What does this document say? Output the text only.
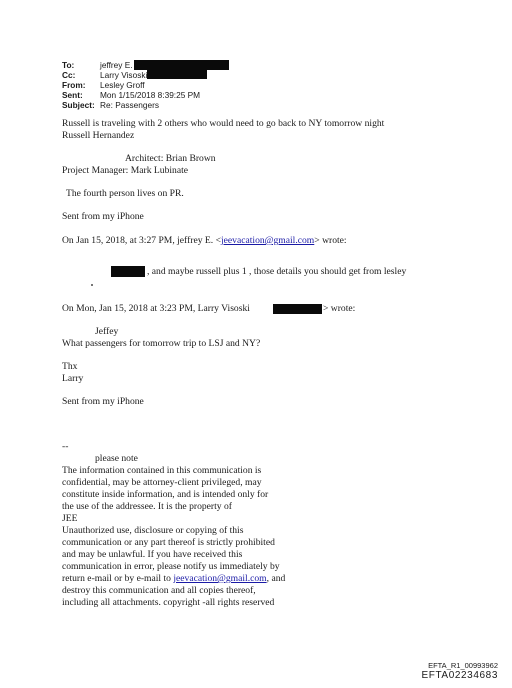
To:	jeffrey E.
Cc:	Larry Visoski
From: Lesley Groff
Sent: Mon 1/15/2018 8:39:25 PM
Subject: Re: Passengers
Russell is traveling with 2 others who would need to go back to NY tomorrow night
Russell Hernandez
Architect: Brian Brown
Project Manager: Mark Lubinate
The fourth person lives on PR.
Sent from my iPhone
On Jan 15, 2018, at 3:27 PM, jeffrey E. <jeevacation@gmail.com> wrote:
, and maybe russell plus 1 , those details you should get from lesley
On Mon, Jan 15, 2018 at 3:23 PM, Larry Visoski	> wrote:
Jeffey
What passengers for tomorrow trip to LSJ and NY?
Thx
Larry
Sent from my iPhone
--
please note
The information contained in this communication is
confidential, may be attorney-client privileged, may
constitute inside information, and is intended only for
the use of the addressee. It is the property of
JEE
Unauthorized use, disclosure or copying of this
communication or any part thereof is strictly prohibited
and may be unlawful. If you have received this
communication in error, please notify us immediately by
return e-mail or by e-mail to jeevacation@gmail.com, and
destroy this communication and all copies thereof,
including all attachments. copyright -all rights reserved
EFTA_R1_00993962
EFTA02234683
